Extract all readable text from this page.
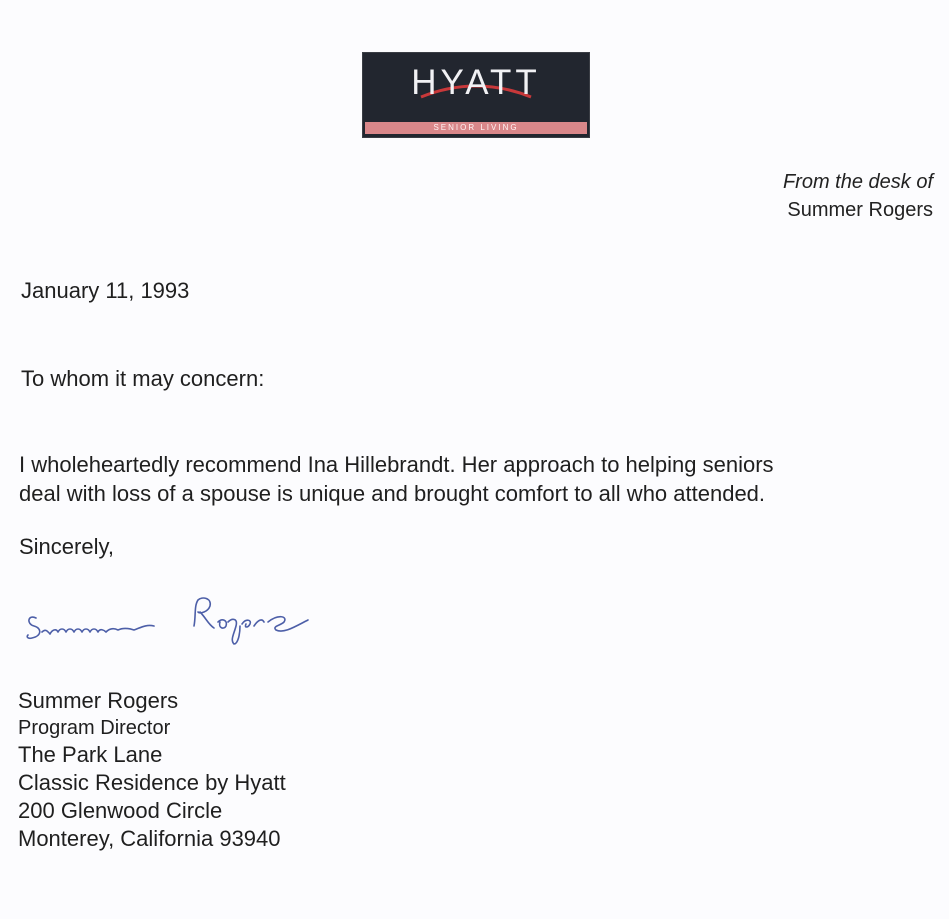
HYATT
SENIOR LIVING
From the desk of
Summer Rogers
January 11, 1993
To whom it may concern:
I wholeheartedly recommend Ina Hillebrandt. Her approach to helping seniors
deal with loss of a spouse is unique and brought comfort to all who attended.
Sincerely,
Summer Rogers
Program Director
The Park Lane
Classic Residence by Hyatt
200 Glenwood Circle
Monterey, California 93940
